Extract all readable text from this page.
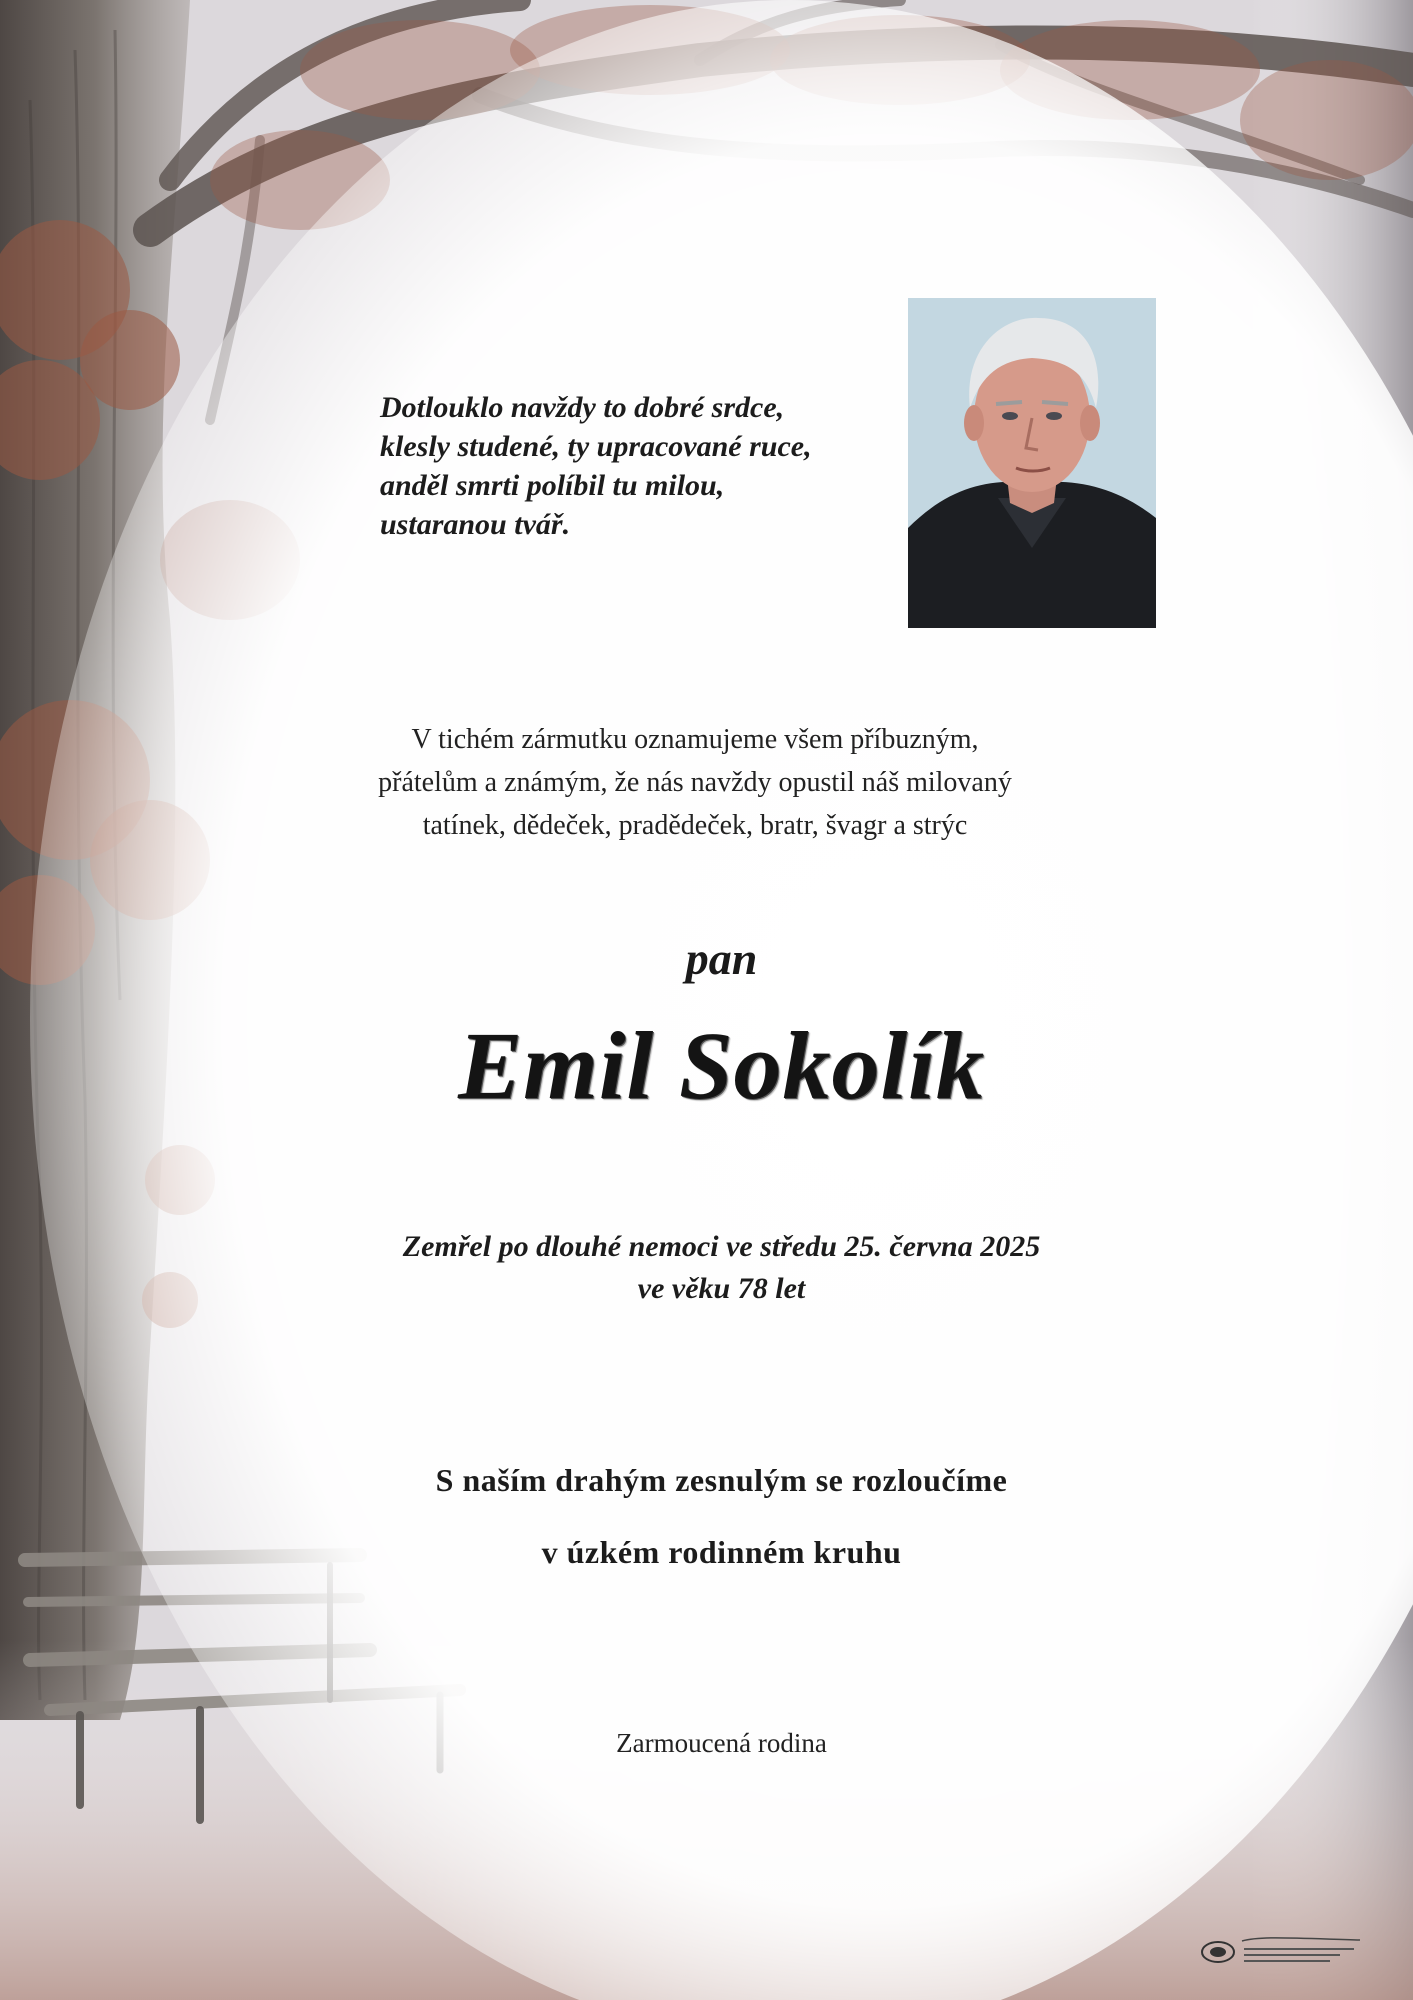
Dotlouklo navždy to dobré srdce,
klesly studené, ty upracované ruce,
anděl smrti políbil tu milou,
ustaranou tvář.
V tichém zármutku oznamujeme všem příbuzným,
přátelům a známým, že nás navždy opustil náš milovaný
tatínek, dědeček, pradědeček, bratr, švagr a strýc
pan
Emil Sokolík
Zemřel po dlouhé nemoci ve středu 25. června 2025
ve věku 78 let
S naším drahým zesnulým se rozloučíme
v úzkém rodinném kruhu
Zarmoucená rodina
